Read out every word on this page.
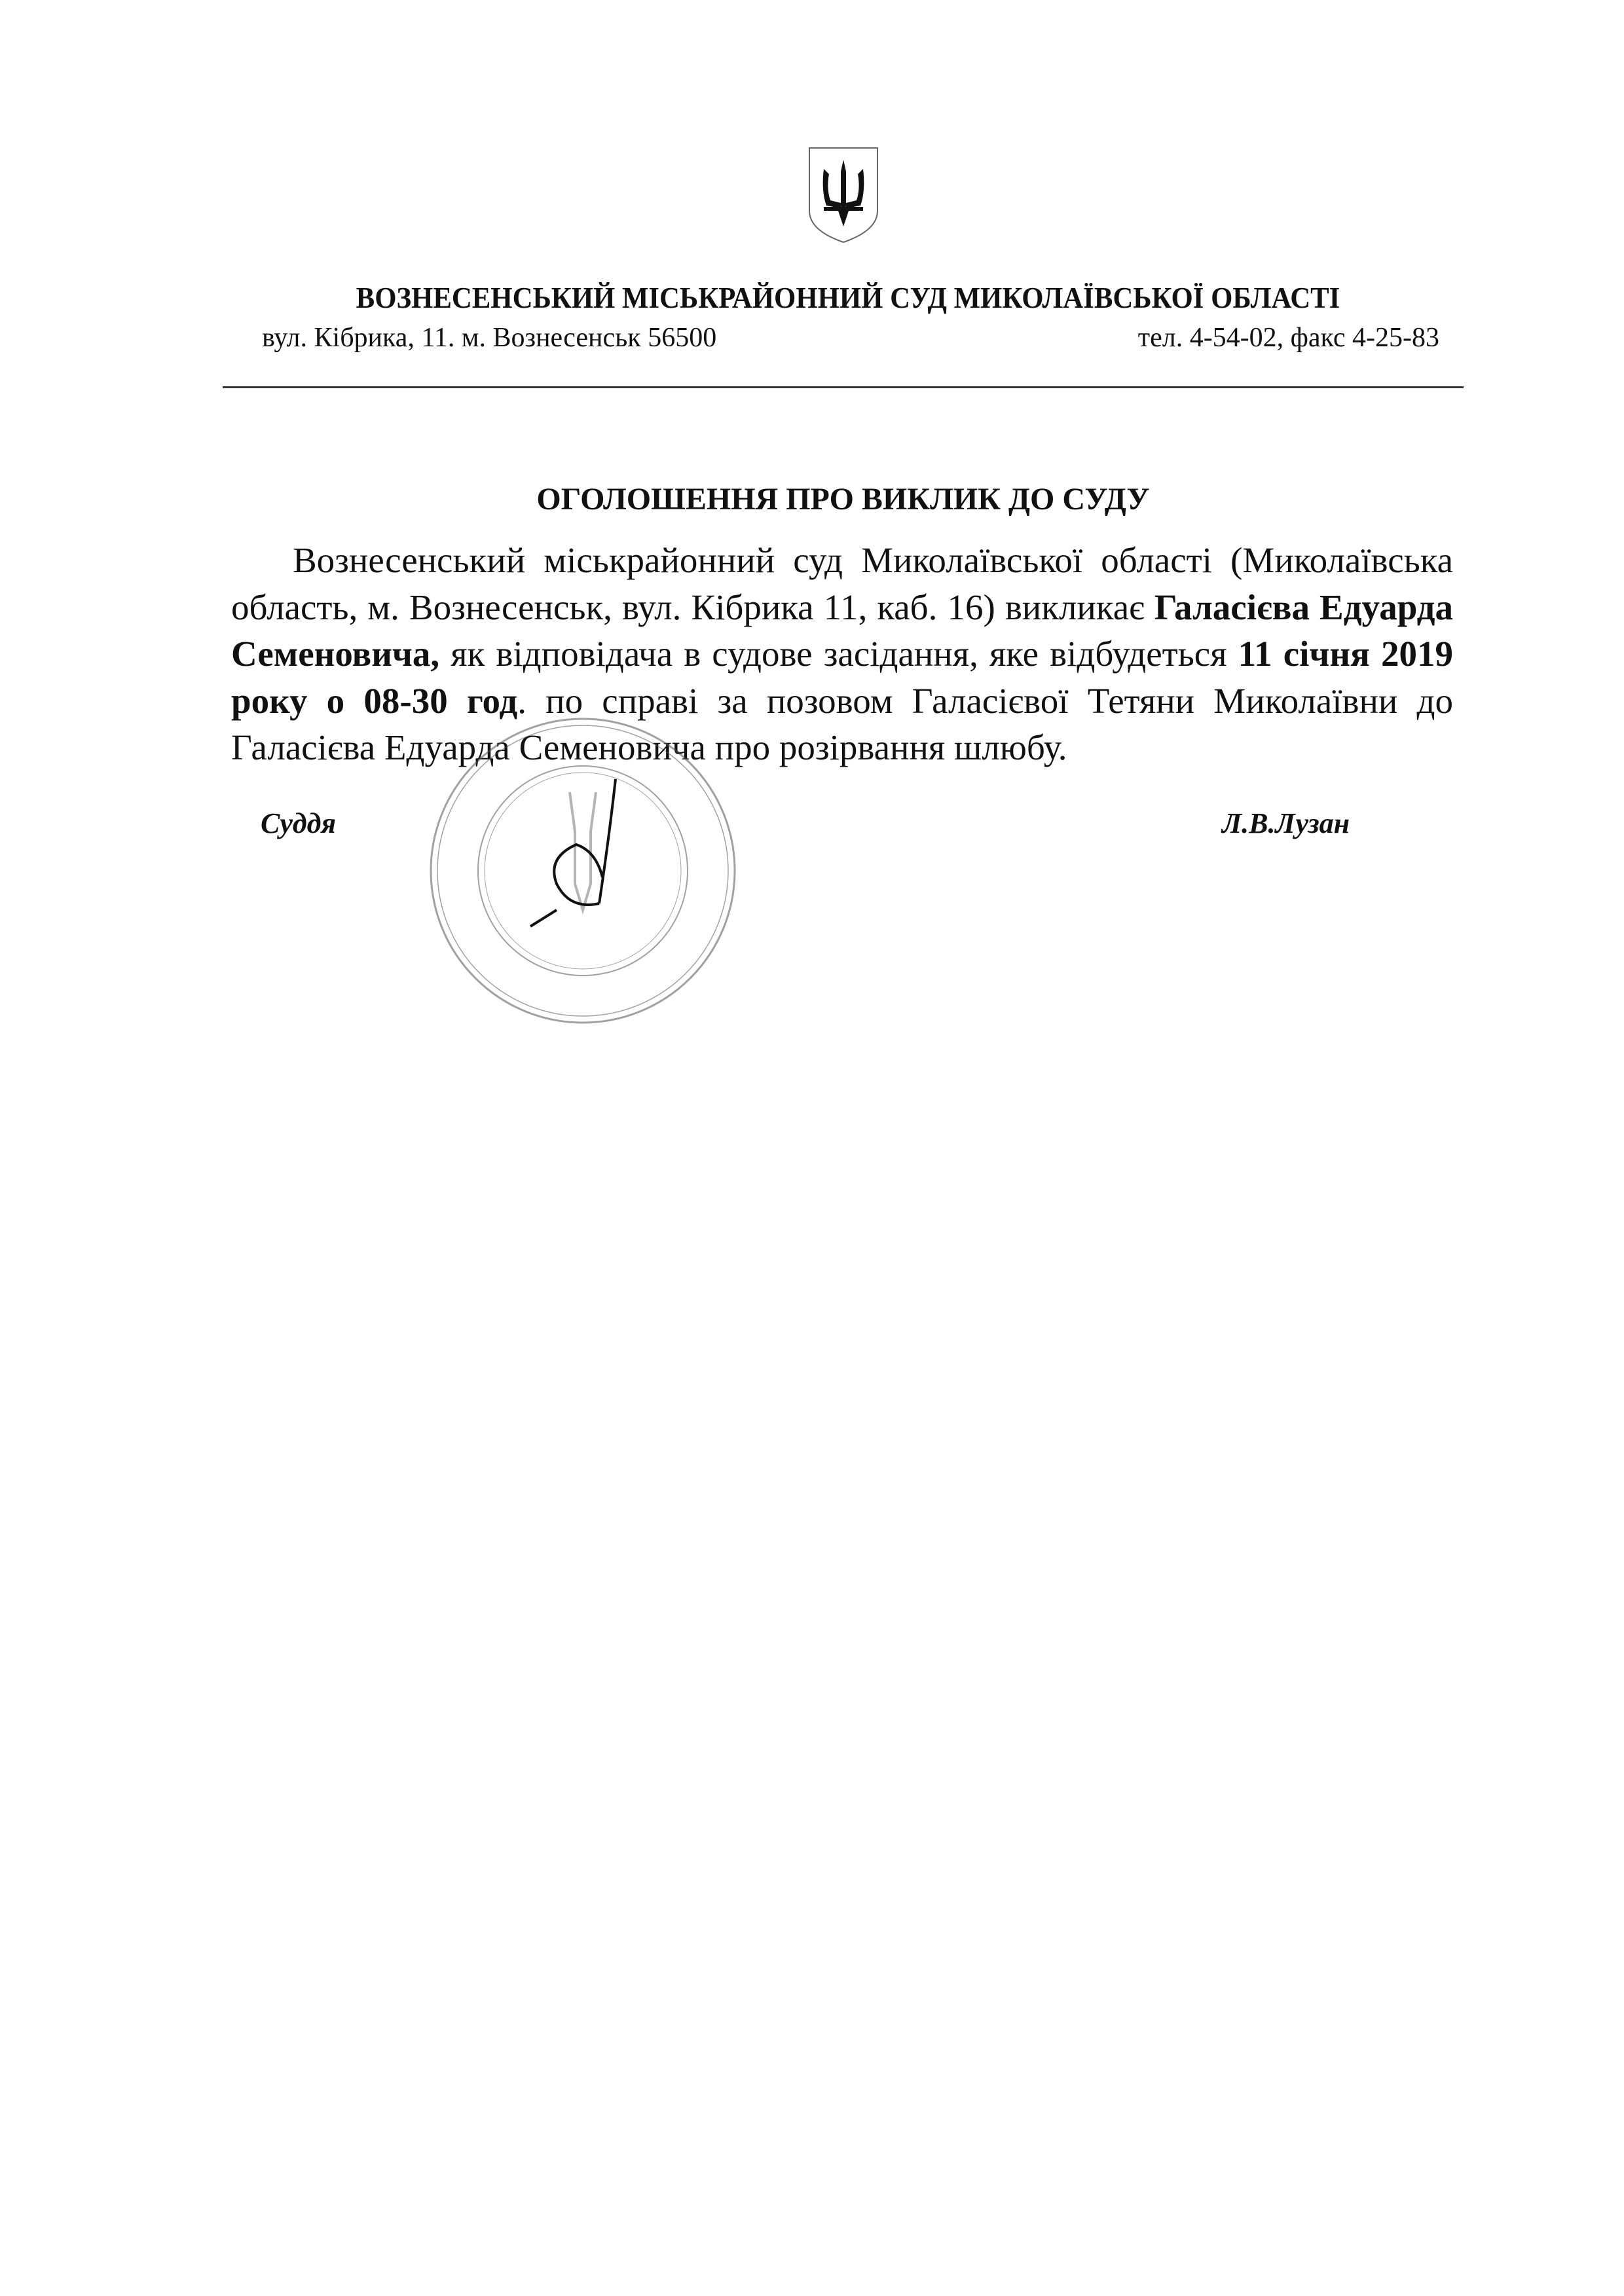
ВОЗНЕСЕНСЬКИЙ МІСЬКРАЙОННИЙ СУД МИКОЛАЇВСЬКОЇ ОБЛАСТІ
вул. Кібрика, 11. м. Вознесенськ 56500	тел. 4-54-02, факс 4-25-83
ОГОЛОШЕННЯ ПРО ВИКЛИК ДО СУДУ
Вознесенський міськрайонний суд Миколаївської області (Миколаївська область, м. Вознесенськ, вул. Кібрика 11, каб. 16) викликає Галасієва Едуарда Семеновича, як відповідача в судове засідання, яке відбудеться 11 січня 2019 року о 08-30 год. по справі за позовом Галасієвої Тетяни Миколаївни до Галасієва Едуарда Семеновича про розірвання шлюбу.
Суддя	Л.В.Лузан
